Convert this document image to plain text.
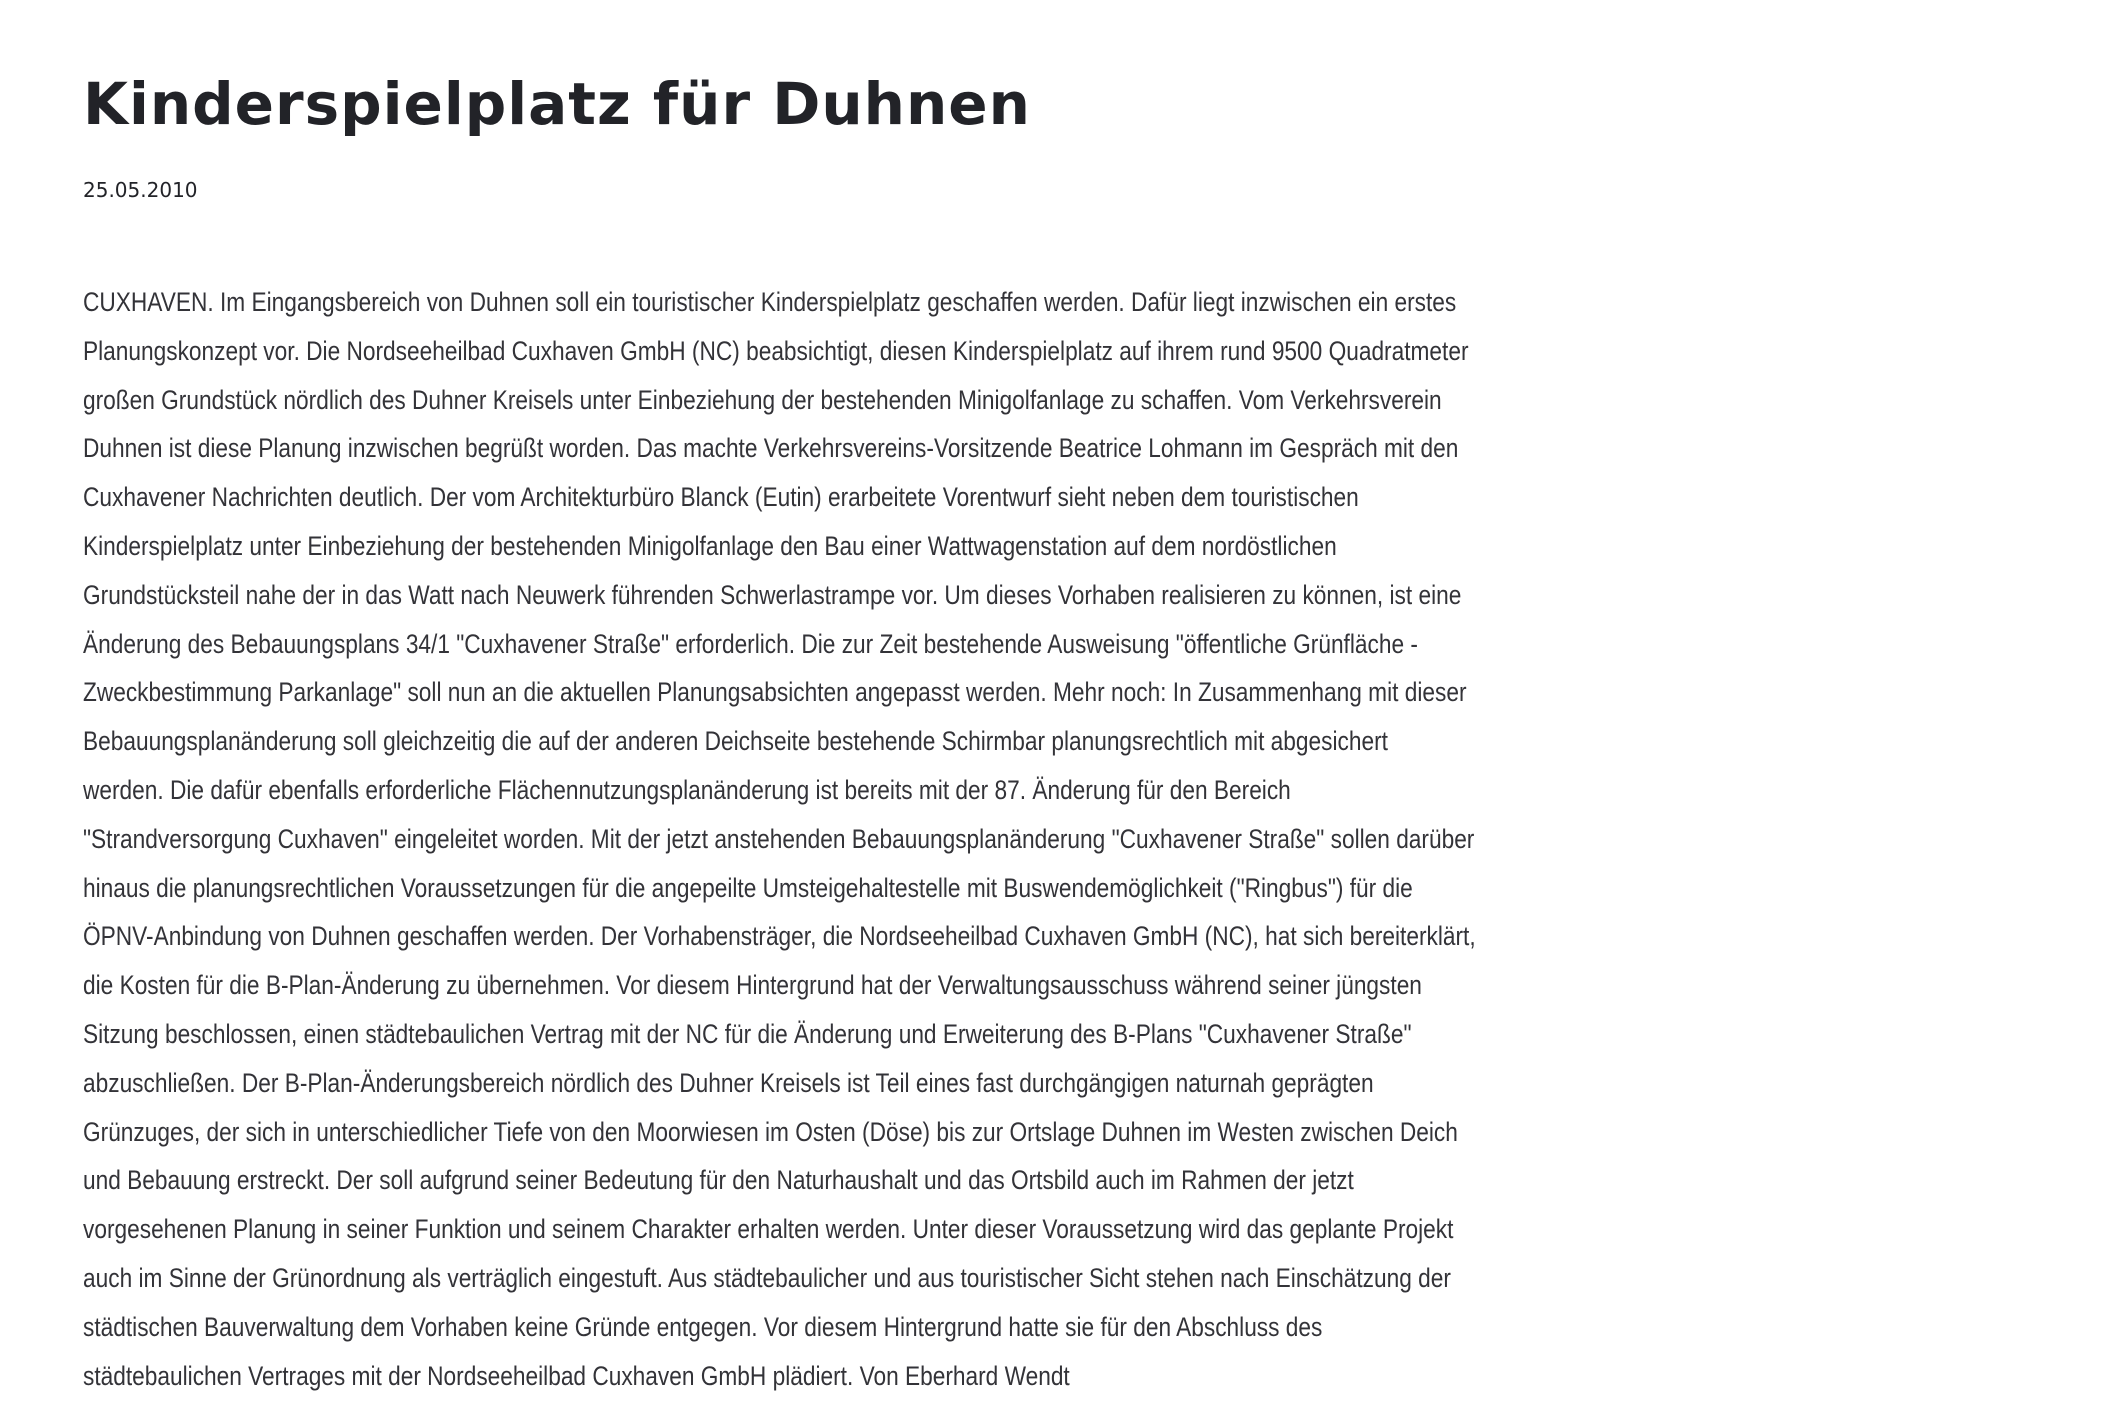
Kinderspielplatz für Duhnen
25.05.2010
CUXHAVEN. Im Eingangsbereich von Duhnen soll ein touristischer Kinderspielplatz geschaffen werden. Dafür liegt inzwischen ein erstes
Planungskonzept vor. Die Nordseeheilbad Cuxhaven GmbH (NC) beabsichtigt, diesen Kinderspielplatz auf ihrem rund 9500 Quadratmeter
großen Grundstück nördlich des Duhner Kreisels unter Einbeziehung der bestehenden Minigolfanlage zu schaffen. Vom Verkehrsverein
Duhnen ist diese Planung inzwischen begrüßt worden. Das machte Verkehrsvereins-Vorsitzende Beatrice Lohmann im Gespräch mit den
Cuxhavener Nachrichten deutlich. Der vom Architekturbüro Blanck (Eutin) erarbeitete Vorentwurf sieht neben dem touristischen
Kinderspielplatz unter Einbeziehung der bestehenden Minigolfanlage den Bau einer Wattwagenstation auf dem nordöstlichen
Grundstücksteil nahe der in das Watt nach Neuwerk führenden Schwerlastrampe vor. Um dieses Vorhaben realisieren zu können, ist eine
Änderung des Bebauungsplans 34/1 "Cuxhavener Straße" erforderlich. Die zur Zeit bestehende Ausweisung "öffentliche Grünfläche -
Zweckbestimmung Parkanlage" soll nun an die aktuellen Planungsabsichten angepasst werden. Mehr noch: In Zusammenhang mit dieser
Bebauungsplanänderung soll gleichzeitig die auf der anderen Deichseite bestehende Schirmbar planungsrechtlich mit abgesichert
werden. Die dafür ebenfalls erforderliche Flächennutzungsplanänderung ist bereits mit der 87. Änderung für den Bereich
"Strandversorgung Cuxhaven" eingeleitet worden. Mit der jetzt anstehenden Bebauungsplanänderung "Cuxhavener Straße" sollen darüber
hinaus die planungsrechtlichen Voraussetzungen für die angepeilte Umsteigehaltestelle mit Buswendemöglichkeit ("Ringbus") für die
ÖPNV-Anbindung von Duhnen geschaffen werden. Der Vorhabensträger, die Nordseeheilbad Cuxhaven GmbH (NC), hat sich bereiterklärt,
die Kosten für die B-Plan-Änderung zu übernehmen. Vor diesem Hintergrund hat der Verwaltungsausschuss während seiner jüngsten
Sitzung beschlossen, einen städtebaulichen Vertrag mit der NC für die Änderung und Erweiterung des B-Plans "Cuxhavener Straße"
abzuschließen. Der B-Plan-Änderungsbereich nördlich des Duhner Kreisels ist Teil eines fast durchgängigen naturnah geprägten
Grünzuges, der sich in unterschiedlicher Tiefe von den Moorwiesen im Osten (Döse) bis zur Ortslage Duhnen im Westen zwischen Deich
und Bebauung erstreckt. Der soll aufgrund seiner Bedeutung für den Naturhaushalt und das Ortsbild auch im Rahmen der jetzt
vorgesehenen Planung in seiner Funktion und seinem Charakter erhalten werden. Unter dieser Voraussetzung wird das geplante Projekt
auch im Sinne der Grünordnung als verträglich eingestuft. Aus städtebaulicher und aus touristischer Sicht stehen nach Einschätzung der
städtischen Bauverwaltung dem Vorhaben keine Gründe entgegen. Vor diesem Hintergrund hatte sie für den Abschluss des
städtebaulichen Vertrages mit der Nordseeheilbad Cuxhaven GmbH plädiert. Von Eberhard Wendt
